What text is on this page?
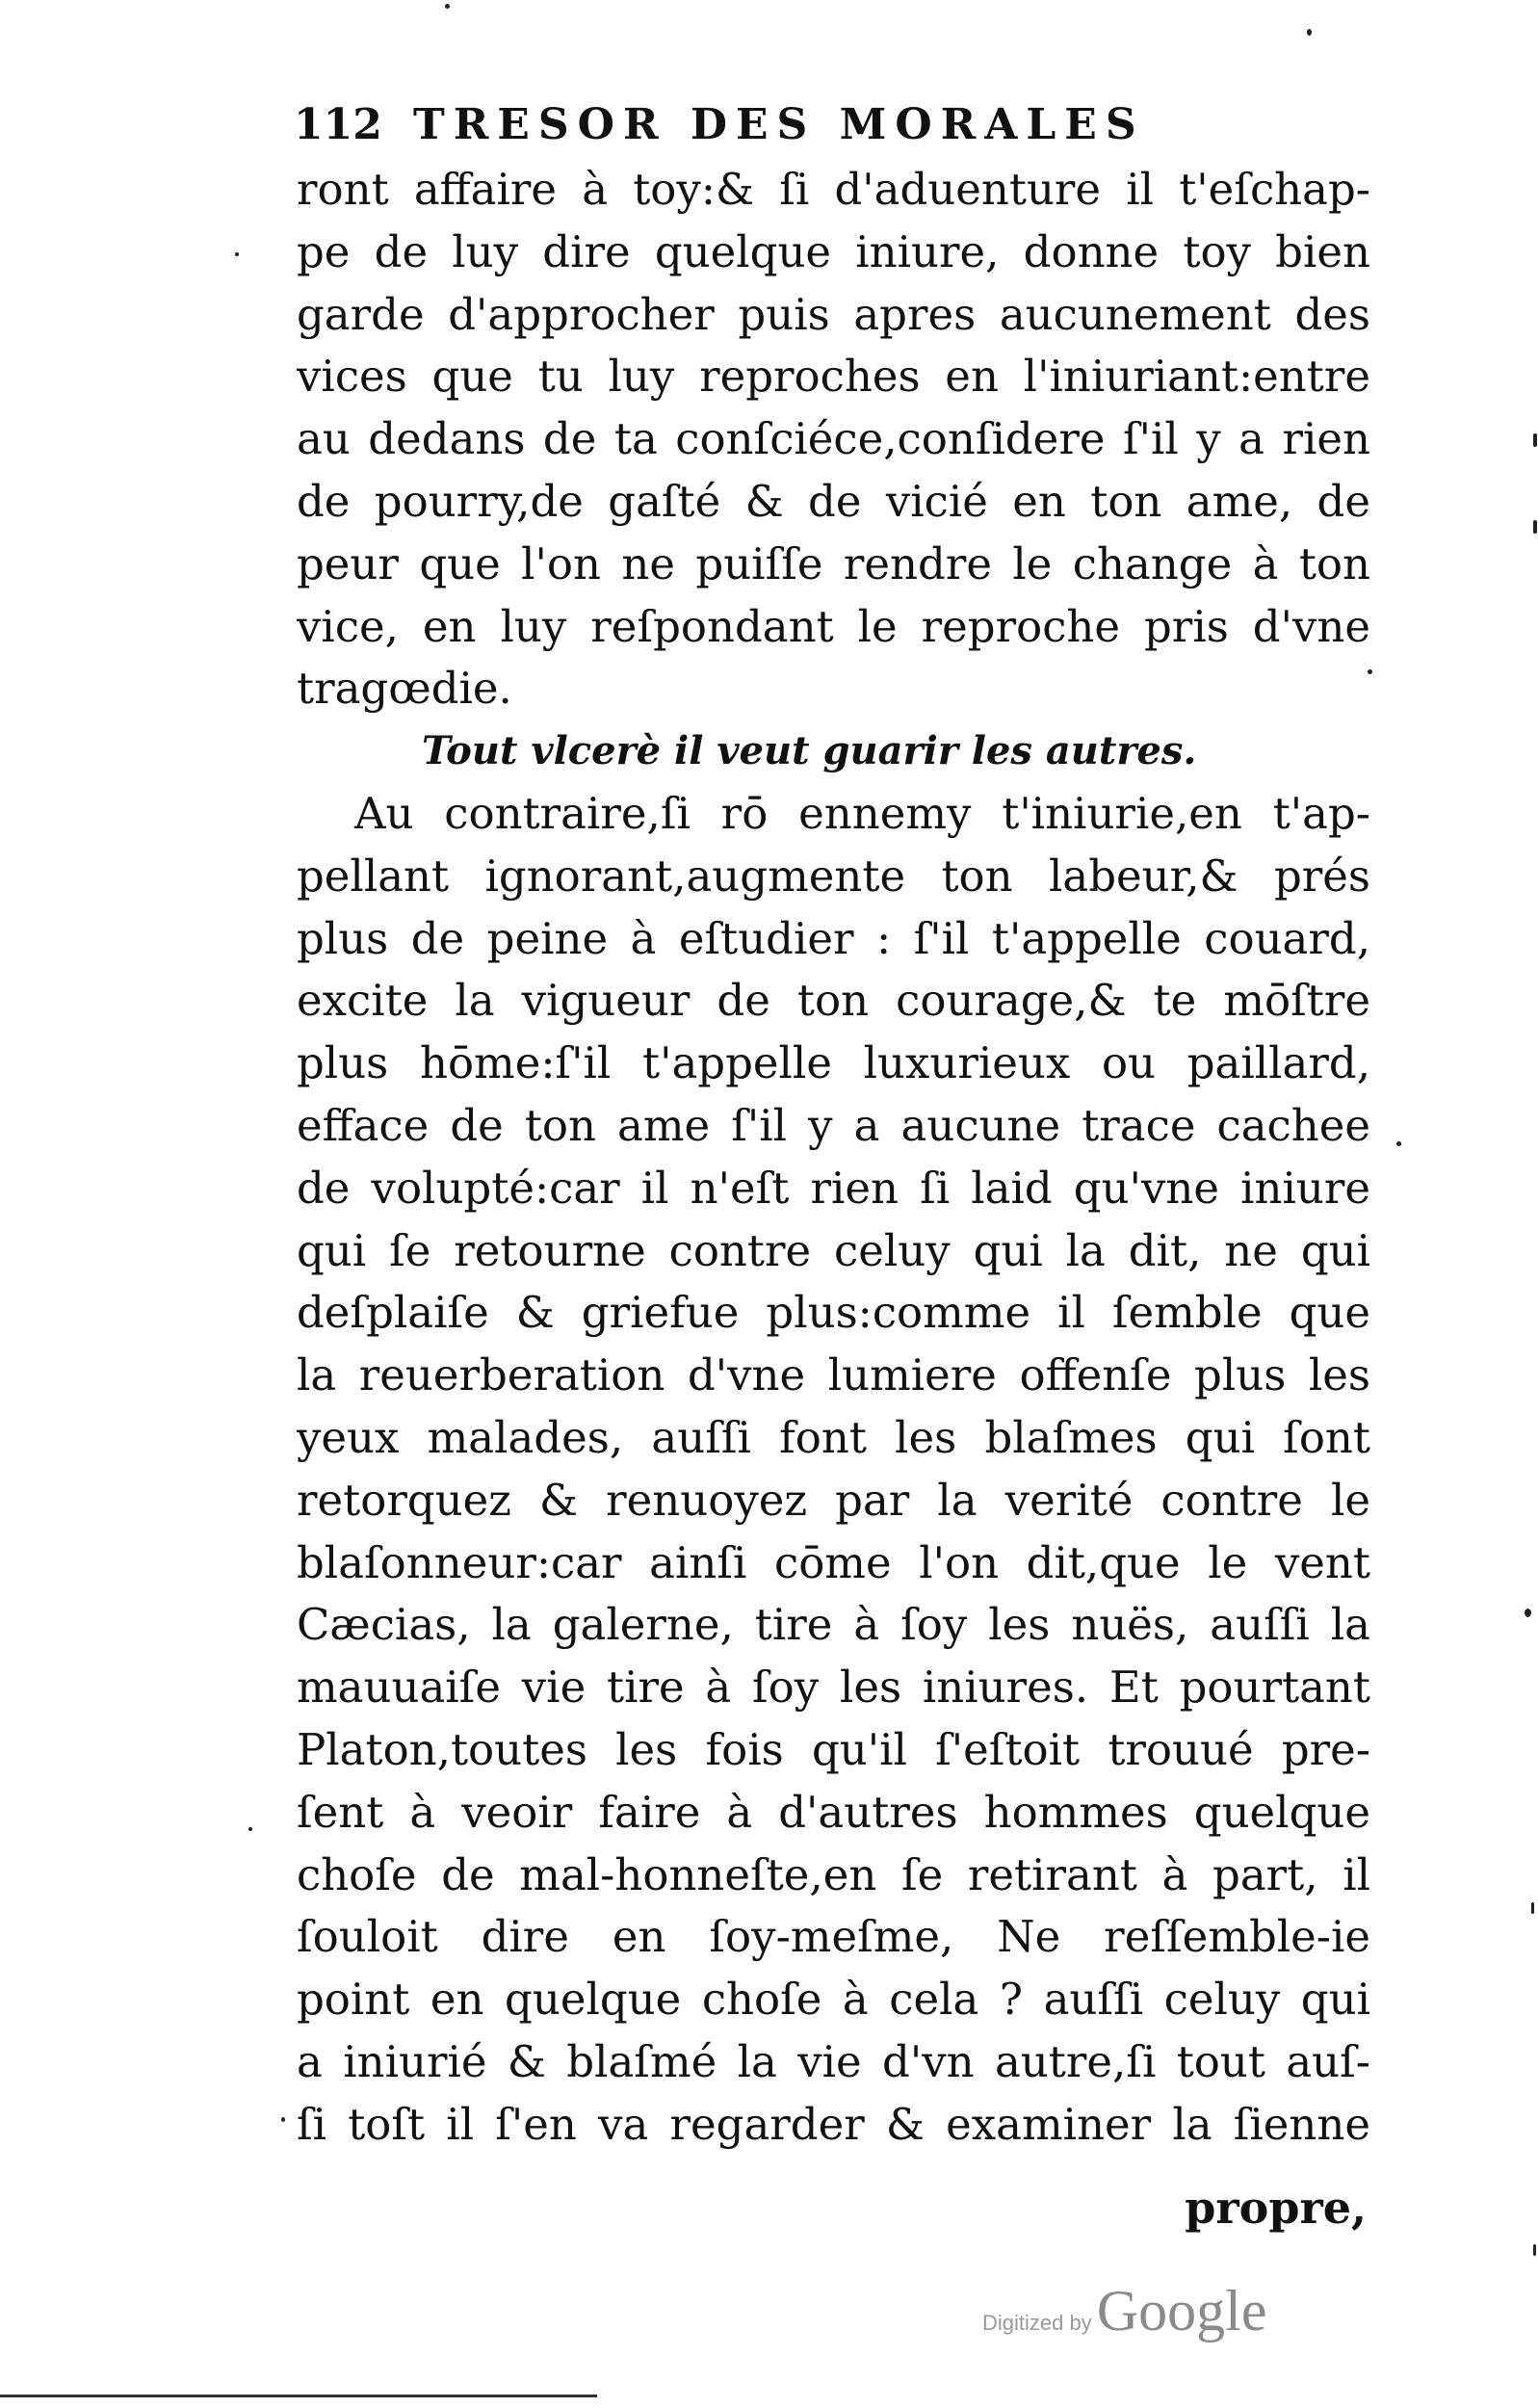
112 TRESOR DES MORALES
ront affaire à toy:& ſi d'aduenture il t'eſchap-
pe de luy dire quelque iniure, donne toy bien
garde d'approcher puis apres aucunement des
vices que tu luy reproches en l'iniuriant:entre
au dedans de ta conſciéce,conſidere ſ'il y a rien
de pourry,de gaſté & de vicié en ton ame, de
peur que l'on ne puiſſe rendre le change à ton
vice, en luy reſpondant le reproche pris d'vne
tragœdie.
Tout vlcerè il veut guarir les autres.
Au contraire,ſi rō ennemy t'iniurie,en t'ap-
pellant ignorant,augmente ton labeur,& prés
plus de peine à eſtudier : ſ'il t'appelle couard,
excite la vigueur de ton courage,& te mōſtre
plus hōme:ſ'il t'appelle luxurieux ou paillard,
efface de ton ame ſ'il y a aucune trace cachee
de volupté:car il n'eſt rien ſi laid qu'vne iniure
qui ſe retourne contre celuy qui la dit, ne qui
deſplaiſe & griefue plus:comme il ſemble que
la reuerberation d'vne lumiere offenſe plus les
yeux malades, auſſi font les blaſmes qui ſont
retorquez & renuoyez par la verité contre le
blaſonneur:car ainſi cōme l'on dit,que le vent
Cæcias, la galerne, tire à ſoy les nuës, auſſi la
mauuaiſe vie tire à ſoy les iniures. Et pourtant
Platon,toutes les fois qu'il ſ'eſtoit trouué pre-
ſent à veoir faire à d'autres hommes quelque
choſe de mal-honneſte,en ſe retirant à part, il
ſouloit dire en ſoy-meſme, Ne reſſemble-ie
point en quelque choſe à cela ? auſſi celuy qui
a iniurié & blaſmé la vie d'vn autre,ſi tout auſ-
ſi toſt il ſ'en va regarder & examiner la ſienne
propre,
Digitized by Google
